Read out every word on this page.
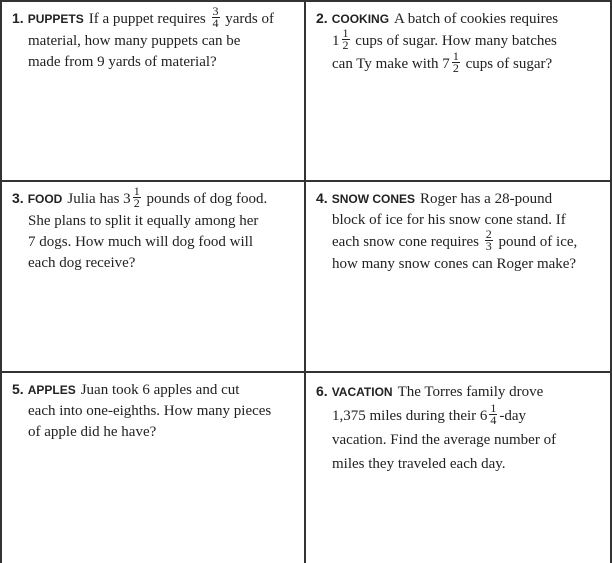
1. PUPPETS If a puppet requires $\frac{3}{4}$ yards of
material, how many puppets can be
made from 9 yards of material?
2. COOKING A batch of cookies requires
$1 \frac{1}{2}$ cups of sugar. How many batches
can Ty make with $7 \frac{1}{2}$ cups of sugar?
3. FOOD Julia has $3 \frac{1}{2}$ pounds of dog food.
She plans to split it equally among her
7 dogs. How much will dog food will
each dog receive?
4. SNOW CONES Roger has a 28-pound
block of ice for his snow cone stand. If
each snow cone requires $\frac{2}{3}$ pound of ice,
how many snow cones can Roger make?
5. APPLES Juan took 6 apples and cut
each into one-eighths. How many pieces
of apple did he have?
6. VACATION The Torres family drove
1,375 miles during their $6 \frac{1}{4} -day$
vacation. Find the average number of
miles they traveled each day.
